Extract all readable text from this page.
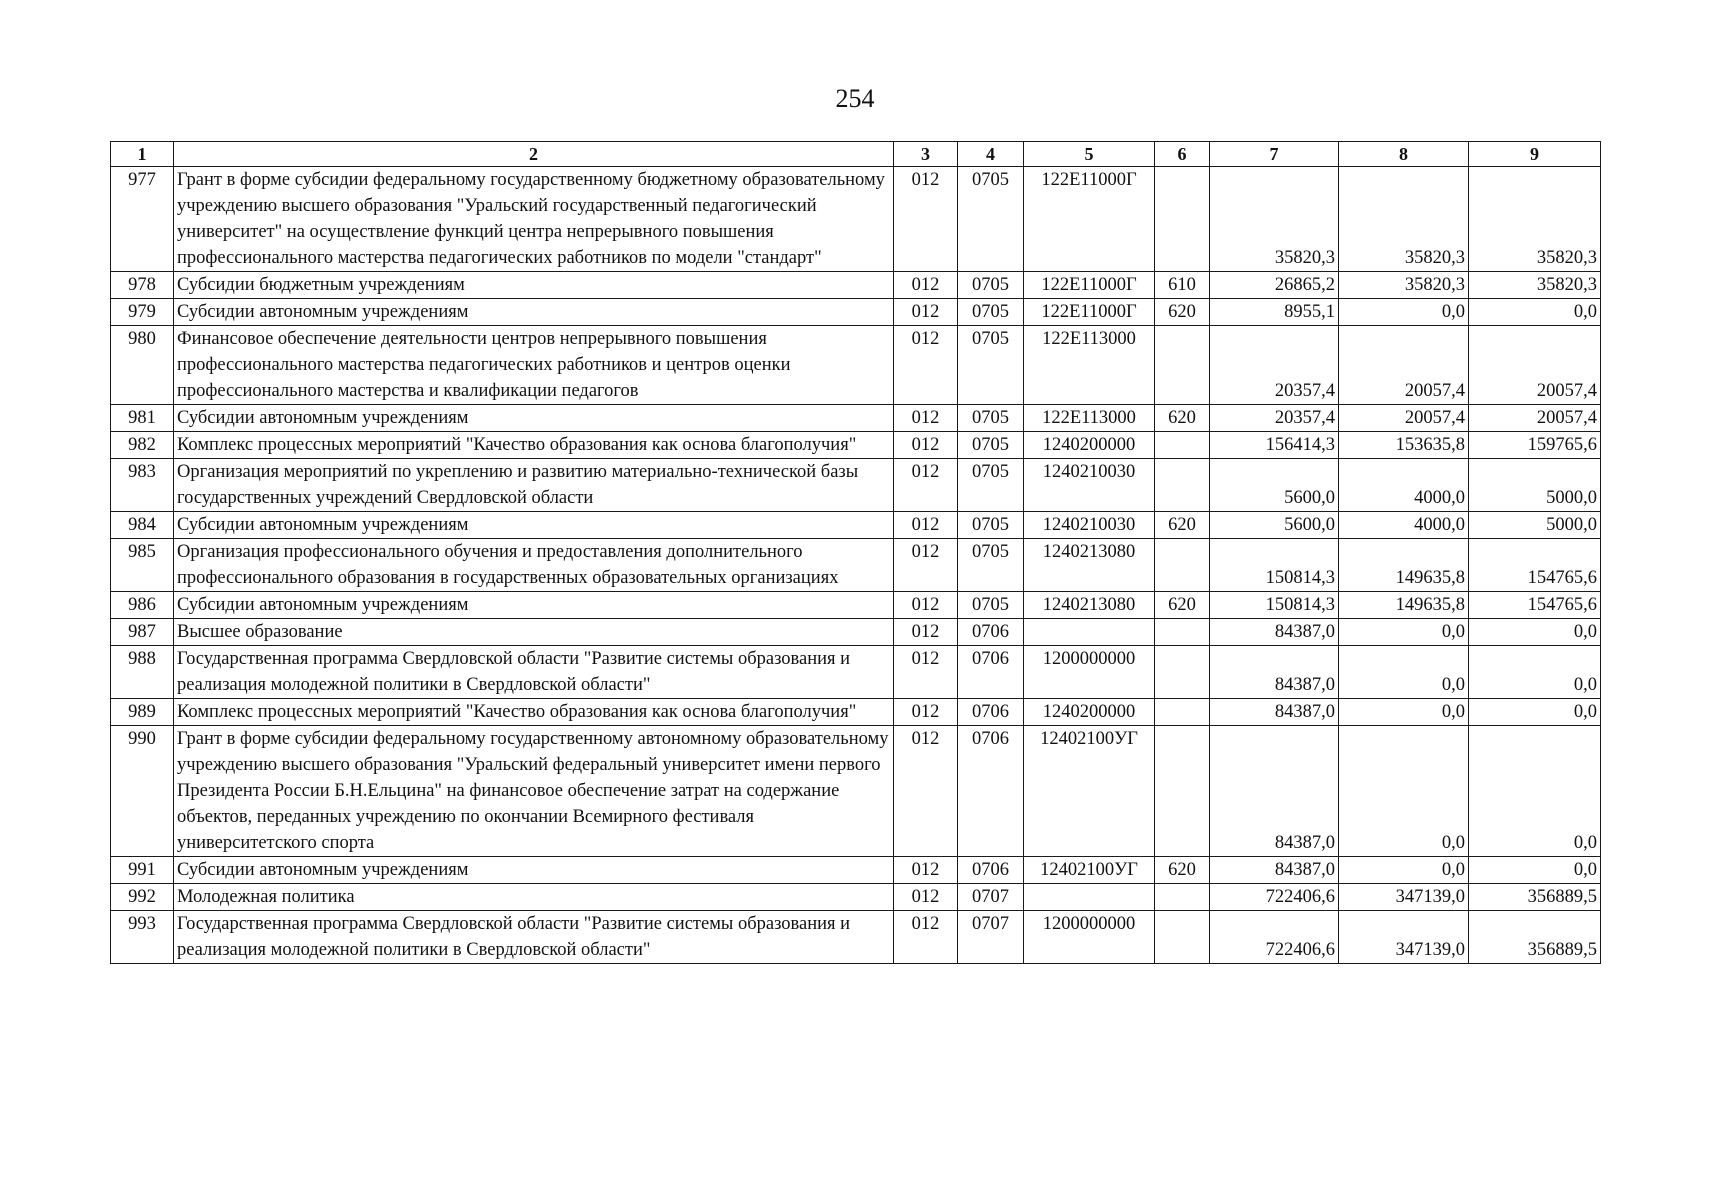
254
1	2	3	4	5	6	7	8	9
977	Грант в форме субсидии федеральному государственному бюджетному образовательному учреждению высшего образования "Уральский государственный педагогический университет" на осуществление функций центра непрерывного повышения профессионального мастерства педагогических работников по модели "стандарт"	012	0705	122Е11000Г		35820,3	35820,3	35820,3
978	Субсидии бюджетным учреждениям	012	0705	122Е11000Г	610	26865,2	35820,3	35820,3
979	Субсидии автономным учреждениям	012	0705	122Е11000Г	620	8955,1	0,0	0,0
980	Финансовое обеспечение деятельности центров непрерывного повышения профессионального мастерства педагогических работников и центров оценки профессионального мастерства и квалификации педагогов	012	0705	122Е113000		20357,4	20057,4	20057,4
981	Субсидии автономным учреждениям	012	0705	122Е113000	620	20357,4	20057,4	20057,4
982	Комплекс процессных мероприятий "Качество образования как основа благополучия"	012	0705	1240200000		156414,3	153635,8	159765,6
983	Организация мероприятий по укреплению и развитию материально-технической базы государственных учреждений Свердловской области	012	0705	1240210030		5600,0	4000,0	5000,0
984	Субсидии автономным учреждениям	012	0705	1240210030	620	5600,0	4000,0	5000,0
985	Организация профессионального обучения и предоставления дополнительного профессионального образования в государственных образовательных организациях	012	0705	1240213080		150814,3	149635,8	154765,6
986	Субсидии автономным учреждениям	012	0705	1240213080	620	150814,3	149635,8	154765,6
987	Высшее образование	012	0706			84387,0	0,0	0,0
988	Государственная программа Свердловской области "Развитие системы образования и реализация молодежной политики в Свердловской области"	012	0706	1200000000		84387,0	0,0	0,0
989	Комплекс процессных мероприятий "Качество образования как основа благополучия"	012	0706	1240200000		84387,0	0,0	0,0
990	Грант в форме субсидии федеральному государственному автономному образовательному учреждению высшего образования "Уральский федеральный университет имени первого Президента России Б.Н.Ельцина" на финансовое обеспечение затрат на содержание объектов, переданных учреждению по окончании Всемирного фестиваля университетского спорта	012	0706	12402100УГ		84387,0	0,0	0,0
991	Субсидии автономным учреждениям	012	0706	12402100УГ	620	84387,0	0,0	0,0
992	Молодежная политика	012	0707			722406,6	347139,0	356889,5
993	Государственная программа Свердловской области "Развитие системы образования и реализация молодежной политики в Свердловской области"	012	0707	1200000000		722406,6	347139,0	356889,5
